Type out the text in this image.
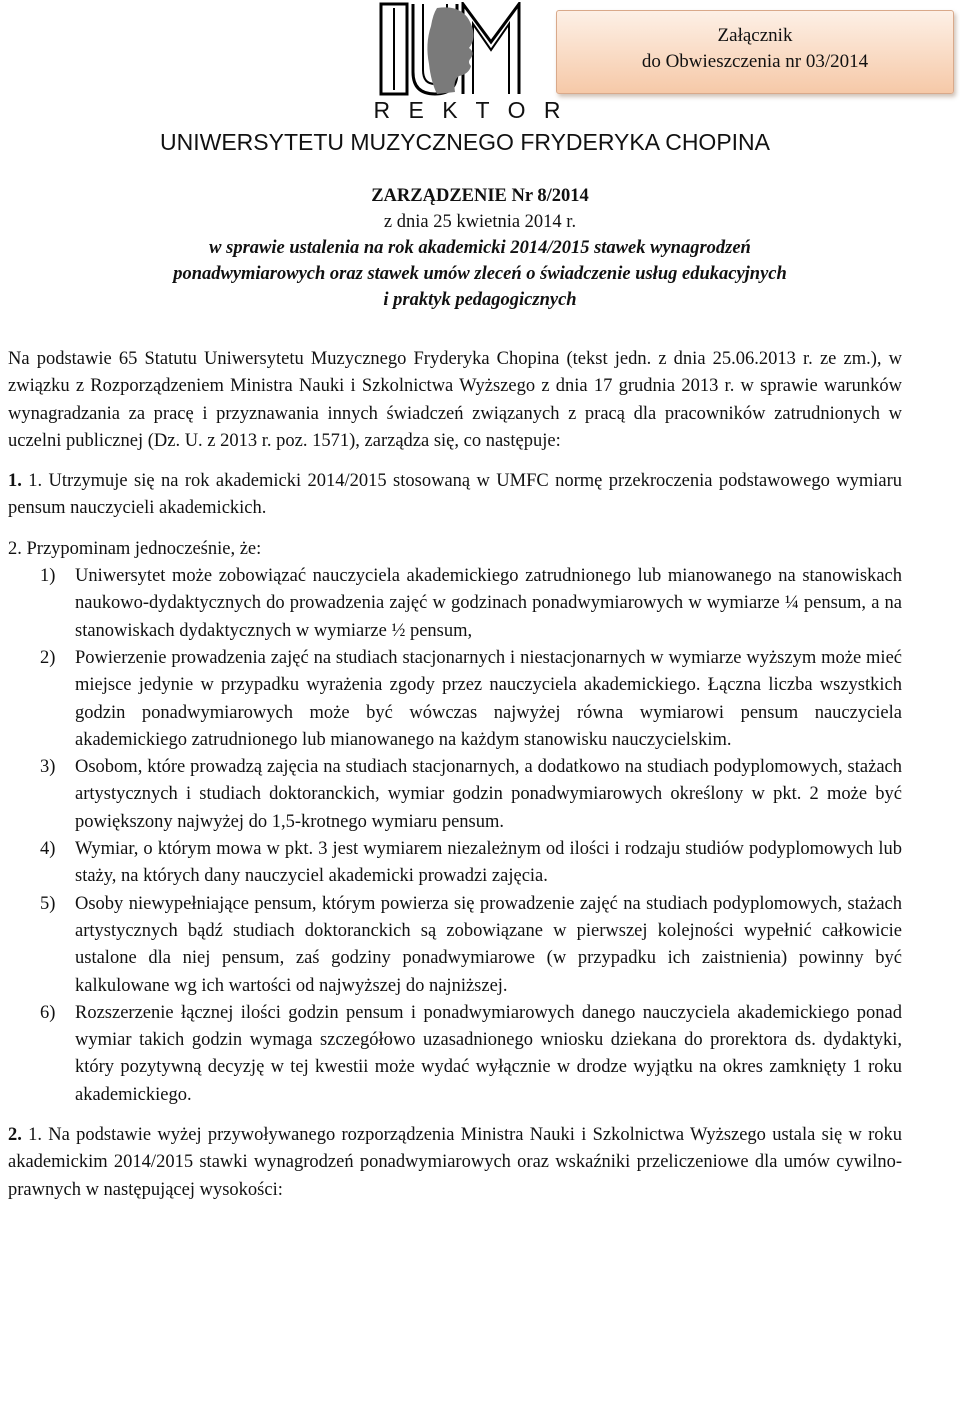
Załącznik
do Obwieszczenia nr 03/2014
R E K T O R
UNIWERSYTETU MUZYCZNEGO FRYDERYKA CHOPINA
ZARZĄDZENIE Nr 8/2014
z dnia 25 kwietnia 2014 r.
w sprawie ustalenia na rok akademicki 2014/2015 stawek wynagrodzeń
ponadwymiarowych oraz stawek umów zleceń o świadczenie usług edukacyjnych
i praktyk pedagogicznych

Na podstawie 65 Statutu Uniwersytetu Muzycznego Fryderyka Chopina (tekst jedn. z dnia 25.06.2013 r. ze zm.), w związku z Rozporządzeniem Ministra Nauki i Szkolnictwa Wyższego z dnia 17 grudnia 2013 r. w sprawie warunków wynagradzania za pracę i przyznawania innych świadczeń związanych z pracą dla pracowników zatrudnionych w uczelni publicznej (Dz. U. z 2013 r. poz. 1571), zarządza się, co następuje:

1. 1. Utrzymuje się na rok akademicki 2014/2015 stosowaną w UMFC normę przekroczenia podstawowego wymiaru pensum nauczycieli akademickich.

2. Przypominam jednocześnie, że:

1) Uniwersytet może zobowiązać nauczyciela akademickiego zatrudnionego lub mianowanego na stanowiskach naukowo-dydaktycznych do prowadzenia zajęć w godzinach ponadwymiarowych w wymiarze ¼ pensum, a na stanowiskach dydaktycznych w wymiarze ½ pensum,
2) Powierzenie prowadzenia zajęć na studiach stacjonarnych i niestacjonarnych w wymiarze wyższym może mieć miejsce jedynie w przypadku wyrażenia zgody przez nauczyciela akademickiego. Łączna liczba wszystkich godzin ponadwymiarowych może być wówczas najwyżej równa wymiarowi pensum nauczyciela akademickiego zatrudnionego lub mianowanego na każdym stanowisku nauczycielskim.
3) Osobom, które prowadzą zajęcia na studiach stacjonarnych, a dodatkowo na studiach podyplomowych, stażach artystycznych i studiach doktoranckich, wymiar godzin ponadwymiarowych określony w pkt. 2 może być powiększony najwyżej do 1,5-krotnego wymiaru pensum.
4) Wymiar, o którym mowa w pkt. 3 jest wymiarem niezależnym od ilości i rodzaju studiów podyplomowych lub staży, na których dany nauczyciel akademicki prowadzi zajęcia.
5) Osoby niewypełniające pensum, którym powierza się prowadzenie zajęć na studiach podyplomowych, stażach artystycznych bądź studiach doktoranckich są zobowiązane w pierwszej kolejności wypełnić całkowicie ustalone dla niej pensum, zaś godziny ponadwymiarowe (w przypadku ich zaistnienia) powinny być kalkulowane wg ich wartości od najwyższej do najniższej.
6) Rozszerzenie łącznej ilości godzin pensum i ponadwymiarowych danego nauczyciela akademickiego ponad wymiar takich godzin wymaga szczegółowo uzasadnionego wniosku dziekana do prorektora ds. dydaktyki, który pozytywną decyzję w tej kwestii może wydać wyłącznie w drodze wyjątku na okres zamknięty 1 roku akademickiego.

2. 1. Na podstawie wyżej przywoływanego rozporządzenia Ministra Nauki i Szkolnictwa Wyższego ustala się w roku akademickim 2014/2015 stawki wynagrodzeń ponadwymiarowych oraz wskaźniki przeliczeniowe dla umów cywilno-prawnych w następującej wysokości:
